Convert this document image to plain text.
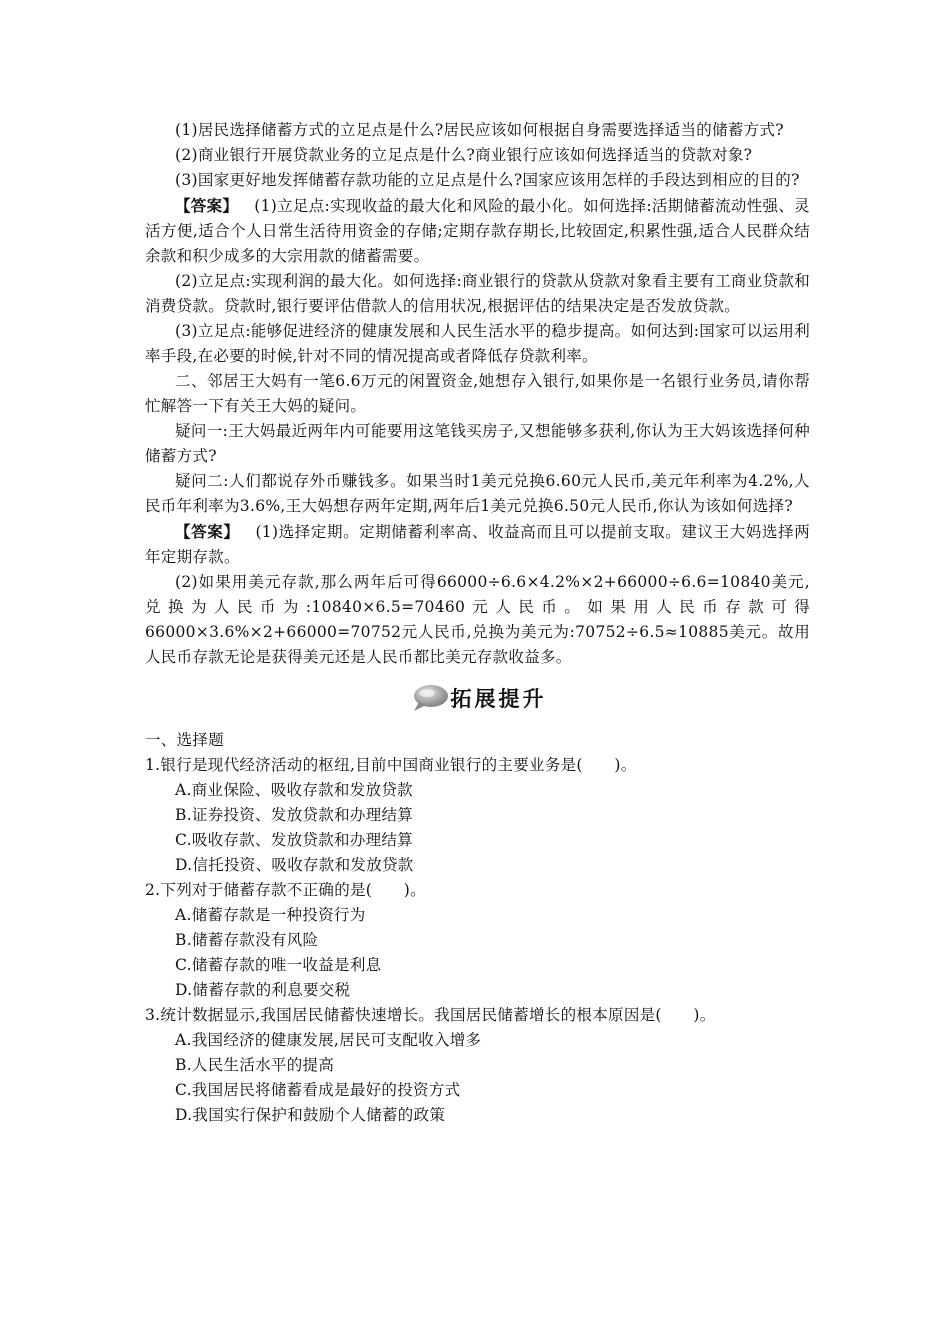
(1)居民选择储蓄方式的立足点是什么?居民应该如何根据自身需要选择适当的储蓄方式?

(2)商业银行开展贷款业务的立足点是什么?商业银行应该如何选择适当的贷款对象?

(3)国家更好地发挥储蓄存款功能的立足点是什么?国家应该用怎样的手段达到相应的目的?

【答案】 (1)立足点:实现收益的最大化和风险的最小化。如何选择:活期储蓄流动性强、灵活方便,适合个人日常生活待用资金的存储;定期存款存期长,比较固定,积累性强,适合人民群众结余款和积少成多的大宗用款的储蓄需要。

(2)立足点:实现利润的最大化。如何选择:商业银行的贷款从贷款对象看主要有工商业贷款和消费贷款。贷款时,银行要评估借款人的信用状况,根据评估的结果决定是否发放贷款。

(3)立足点:能够促进经济的健康发展和人民生活水平的稳步提高。如何达到:国家可以运用利率手段,在必要的时候,针对不同的情况提高或者降低存贷款利率。

二、邻居王大妈有一笔6.6万元的闲置资金,她想存入银行,如果你是一名银行业务员,请你帮忙解答一下有关王大妈的疑问。

疑问一:王大妈最近两年内可能要用这笔钱买房子,又想能够多获利,你认为王大妈该选择何种储蓄方式?

疑问二:人们都说存外币赚钱多。如果当时1美元兑换6.60元人民币,美元年利率为4.2%,人民币年利率为3.6%,王大妈想存两年定期,两年后1美元兑换6.50元人民币,你认为该如何选择?

【答案】 (1)选择定期。定期储蓄利率高、收益高而且可以提前支取。建议王大妈选择两年定期存款。

(2)如果用美元存款,那么两年后可得66000÷6.6×4.2%×2+66000÷6.6=10840美元,兑换为人民币为:10840×6.5=70460元人民币。如果用人民币存款可得66000×3.6%×2+66000=70752元人民币,兑换为美元为:70752÷6.5≈10885美元。故用人民币存款无论是获得美元还是人民币都比美元存款收益多。

拓展提升

一、选择题

1.银行是现代经济活动的枢纽,目前中国商业银行的主要业务是(　　)。

A.商业保险、吸收存款和发放贷款

B.证券投资、发放贷款和办理结算

C.吸收存款、发放贷款和办理结算

D.信托投资、吸收存款和发放贷款

2.下列对于储蓄存款不正确的是(　　)。

A.储蓄存款是一种投资行为

B.储蓄存款没有风险

C.储蓄存款的唯一收益是利息

D.储蓄存款的利息要交税

3.统计数据显示,我国居民储蓄快速增长。我国居民储蓄增长的根本原因是(　　)。

A.我国经济的健康发展,居民可支配收入增多

B.人民生活水平的提高

C.我国居民将储蓄看成是最好的投资方式

D.我国实行保护和鼓励个人储蓄的政策
